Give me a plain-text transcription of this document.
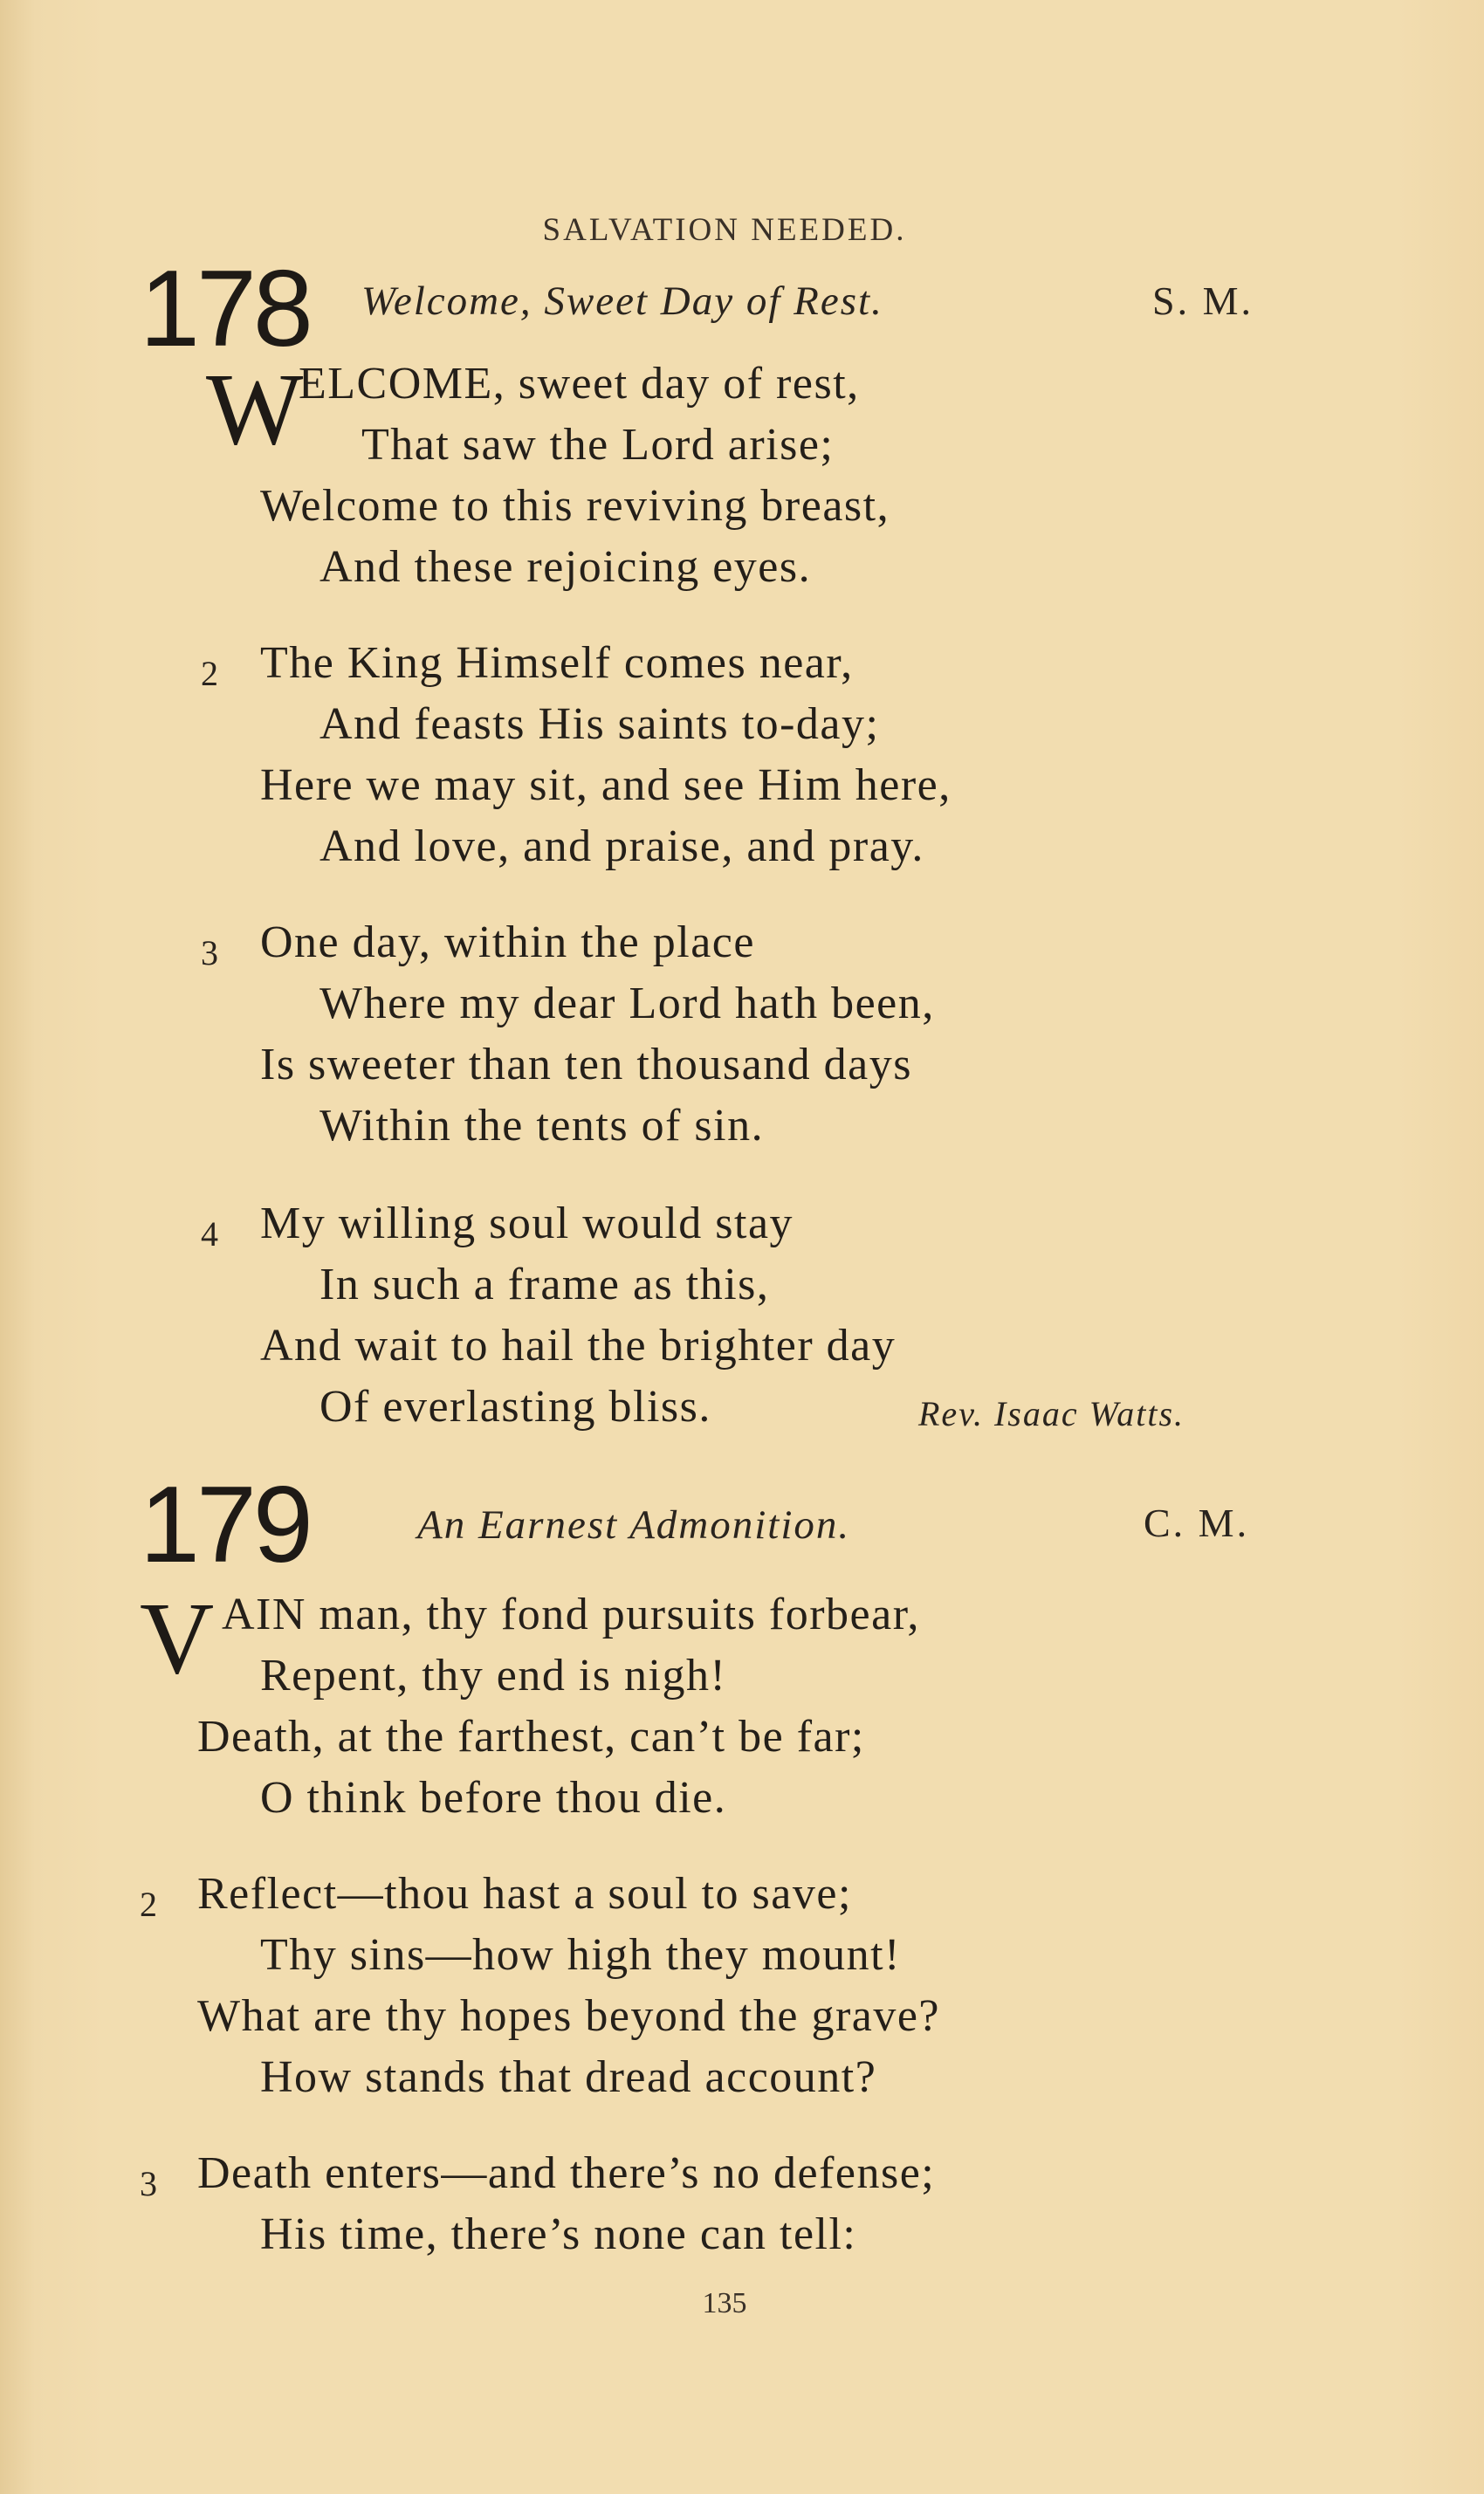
SALVATION NEEDED.
178 Welcome, Sweet Day of Rest.	S. M.
W
ELCOME, sweet day of rest,
That saw the Lord arise;
Welcome to this reviving breast,
And these rejoicing eyes.
2 The King Himself comes near,
And feasts His saints to-day;
Here we may sit, and see Him here,
And love, and praise, and pray.
3 One day, within the place
Where my dear Lord hath been,
Is sweeter than ten thousand days
Within the tents of sin.
4 My willing soul would stay
In such a frame as this,
And wait to hail the brighter day
Of everlasting bliss.	Rev. Isaac Watts.
179	An Earnest Admonition.	C. M.
V AIN man, thy fond pursuits forbear,
Repent, thy end is nigh!
Death, at the farthest, can’t be far;
O think before thou die.
2 Reflect—thou hast a soul to save;
Thy sins—how high they mount!
What are thy hopes beyond the grave?
How stands that dread account?
3 Death enters—and there’s no defense;
His time, there’s none can tell:
135
